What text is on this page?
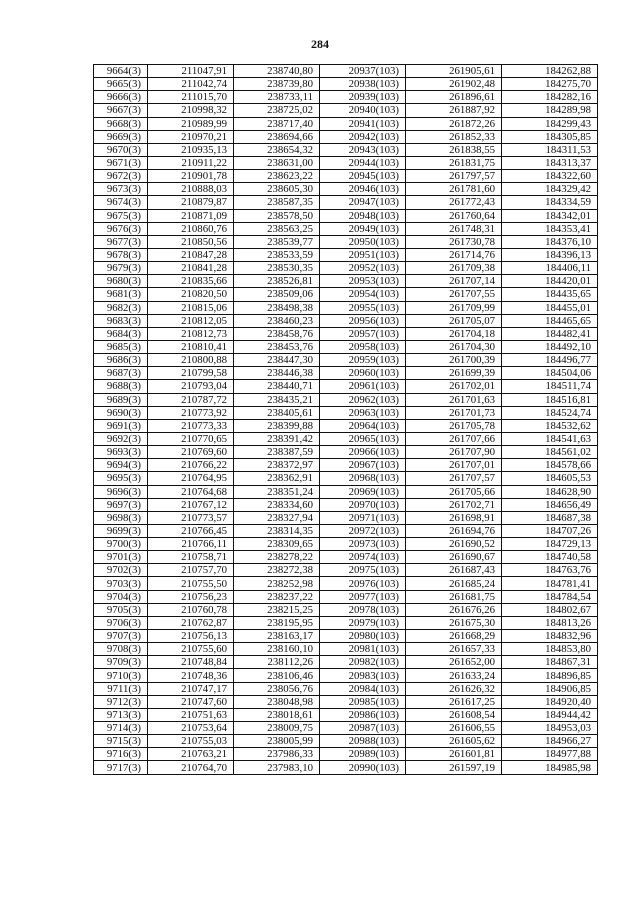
284
9664(3)	211047,91	238740,80	20937(103)	261905,61	184262,88
9665(3)	211042,74	238739,80	20938(103)	261902,48	184275,70
9666(3)	211015,70	238733,11	20939(103)	261896,61	184282,16
9667(3)	210998,32	238725,02	20940(103)	261887,92	184289,98
9668(3)	210989,99	238717,40	20941(103)	261872,26	184299,43
9669(3)	210970,21	238694,66	20942(103)	261852,33	184305,85
9670(3)	210935,13	238654,32	20943(103)	261838,55	184311,53
9671(3)	210911,22	238631,00	20944(103)	261831,75	184313,37
9672(3)	210901,78	238623,22	20945(103)	261797,57	184322,60
9673(3)	210888,03	238605,30	20946(103)	261781,60	184329,42
9674(3)	210879,87	238587,35	20947(103)	261772,43	184334,59
9675(3)	210871,09	238578,50	20948(103)	261760,64	184342,01
9676(3)	210860,76	238563,25	20949(103)	261748,31	184353,41
9677(3)	210850,56	238539,77	20950(103)	261730,78	184376,10
9678(3)	210847,28	238533,59	20951(103)	261714,76	184396,13
9679(3)	210841,28	238530,35	20952(103)	261709,38	184406,11
9680(3)	210835,66	238526,81	20953(103)	261707,14	184420,01
9681(3)	210820,50	238509,06	20954(103)	261707,55	184435,65
9682(3)	210815,06	238498,38	20955(103)	261709,99	184455,01
9683(3)	210812,05	238460,23	20956(103)	261705,07	184465,65
9684(3)	210812,73	238458,76	20957(103)	261704,18	184482,41
9685(3)	210810,41	238453,76	20958(103)	261704,30	184492,10
9686(3)	210800,88	238447,30	20959(103)	261700,39	184496,77
9687(3)	210799,58	238446,38	20960(103)	261699,39	184504,06
9688(3)	210793,04	238440,71	20961(103)	261702,01	184511,74
9689(3)	210787,72	238435,21	20962(103)	261701,63	184516,81
9690(3)	210773,92	238405,61	20963(103)	261701,73	184524,74
9691(3)	210773,33	238399,88	20964(103)	261705,78	184532,62
9692(3)	210770,65	238391,42	20965(103)	261707,66	184541,63
9693(3)	210769,60	238387,59	20966(103)	261707,90	184561,02
9694(3)	210766,22	238372,97	20967(103)	261707,01	184578,66
9695(3)	210764,95	238362,91	20968(103)	261707,57	184605,53
9696(3)	210764,68	238351,24	20969(103)	261705,66	184628,90
9697(3)	210767,12	238334,60	20970(103)	261702,71	184656,49
9698(3)	210773,57	238327,94	20971(103)	261698,91	184687,38
9699(3)	210766,45	238314,35	20972(103)	261694,76	184707,26
9700(3)	210766,11	238309,65	20973(103)	261690,52	184729,13
9701(3)	210758,71	238278,22	20974(103)	261690,67	184740,58
9702(3)	210757,70	238272,38	20975(103)	261687,43	184763,76
9703(3)	210755,50	238252,98	20976(103)	261685,24	184781,41
9704(3)	210756,23	238237,22	20977(103)	261681,75	184784,54
9705(3)	210760,78	238215,25	20978(103)	261676,26	184802,67
9706(3)	210762,87	238195,95	20979(103)	261675,30	184813,26
9707(3)	210756,13	238163,17	20980(103)	261668,29	184832,96
9708(3)	210755,60	238160,10	20981(103)	261657,33	184853,80
9709(3)	210748,84	238112,26	20982(103)	261652,00	184867,31
9710(3)	210748,36	238106,46	20983(103)	261633,24	184896,85
9711(3)	210747,17	238056,76	20984(103)	261626,32	184906,85
9712(3)	210747,60	238048,98	20985(103)	261617,25	184920,40
9713(3)	210751,63	238018,61	20986(103)	261608,54	184944,42
9714(3)	210753,64	238009,75	20987(103)	261606,55	184953,03
9715(3)	210755,03	238005,99	20988(103)	261605,62	184966,27
9716(3)	210763,21	237986,33	20989(103)	261601,81	184977,88
9717(3)	210764,70	237983,10	20990(103)	261597,19	184985,98
